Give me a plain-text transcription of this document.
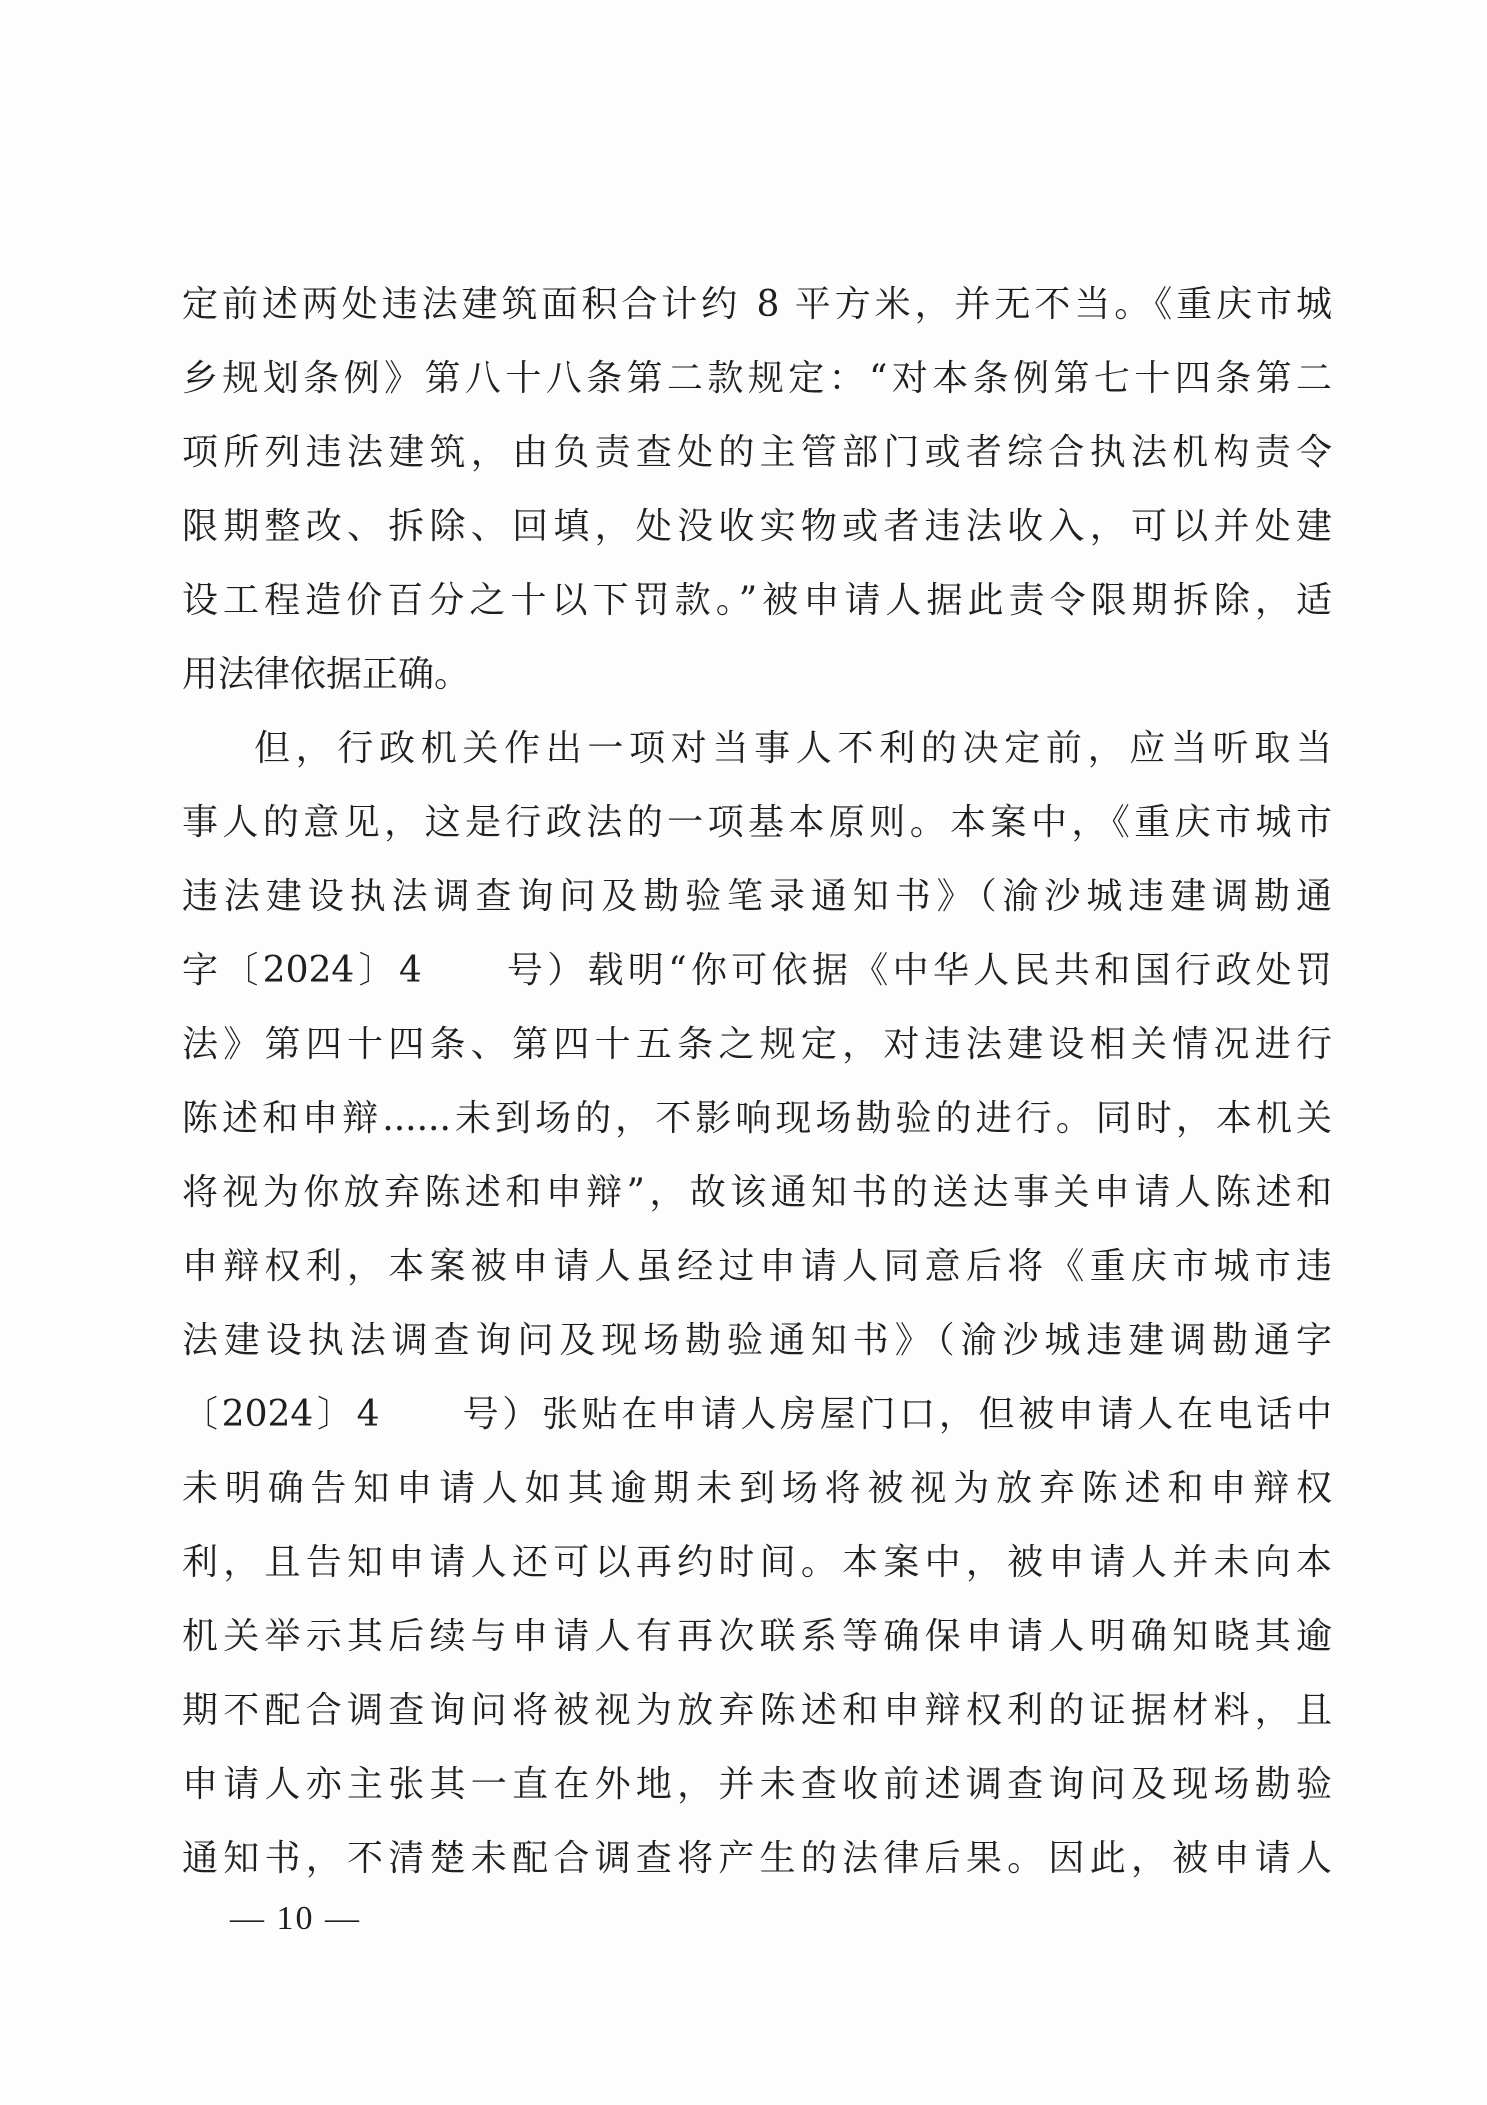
定前述两处违法建筑面积合计约 8 平方米，并无不当。《重庆市城
乡规划条例》第八十八条第二款规定：“对本条例第七十四条第二
项所列违法建筑，由负责查处的主管部门或者综合执法机构责令
限期整改、拆除、回填，处没收实物或者违法收入，可以并处建
设工程造价百分之十以下罚款。”被申请人据此责令限期拆除，适
用法律依据正确。
但，行政机关作出一项对当事人不利的决定前，应当听取当
事人的意见，这是行政法的一项基本原则。本案中，《重庆市城市
违法建设执法调查询问及勘验笔录通知书》（渝沙城违建调勘通
字〔2024〕4　　号）载明“你可依据《中华人民共和国行政处罚
法》第四十四条、第四十五条之规定，对违法建设相关情况进行
陈述和申辩......未到场的，不影响现场勘验的进行。同时，本机关
将视为你放弃陈述和申辩”，故该通知书的送达事关申请人陈述和
申辩权利，本案被申请人虽经过申请人同意后将《重庆市城市违
法建设执法调查询问及现场勘验通知书》（渝沙城违建调勘通字
〔2024〕4　　号）张贴在申请人房屋门口，但被申请人在电话中
未明确告知申请人如其逾期未到场将被视为放弃陈述和申辩权
利，且告知申请人还可以再约时间。本案中，被申请人并未向本
机关举示其后续与申请人有再次联系等确保申请人明确知晓其逾
期不配合调查询问将被视为放弃陈述和申辩权利的证据材料，且
申请人亦主张其一直在外地，并未查收前述调查询问及现场勘验
通知书，不清楚未配合调查将产生的法律后果。因此，被申请人
— 10 —
